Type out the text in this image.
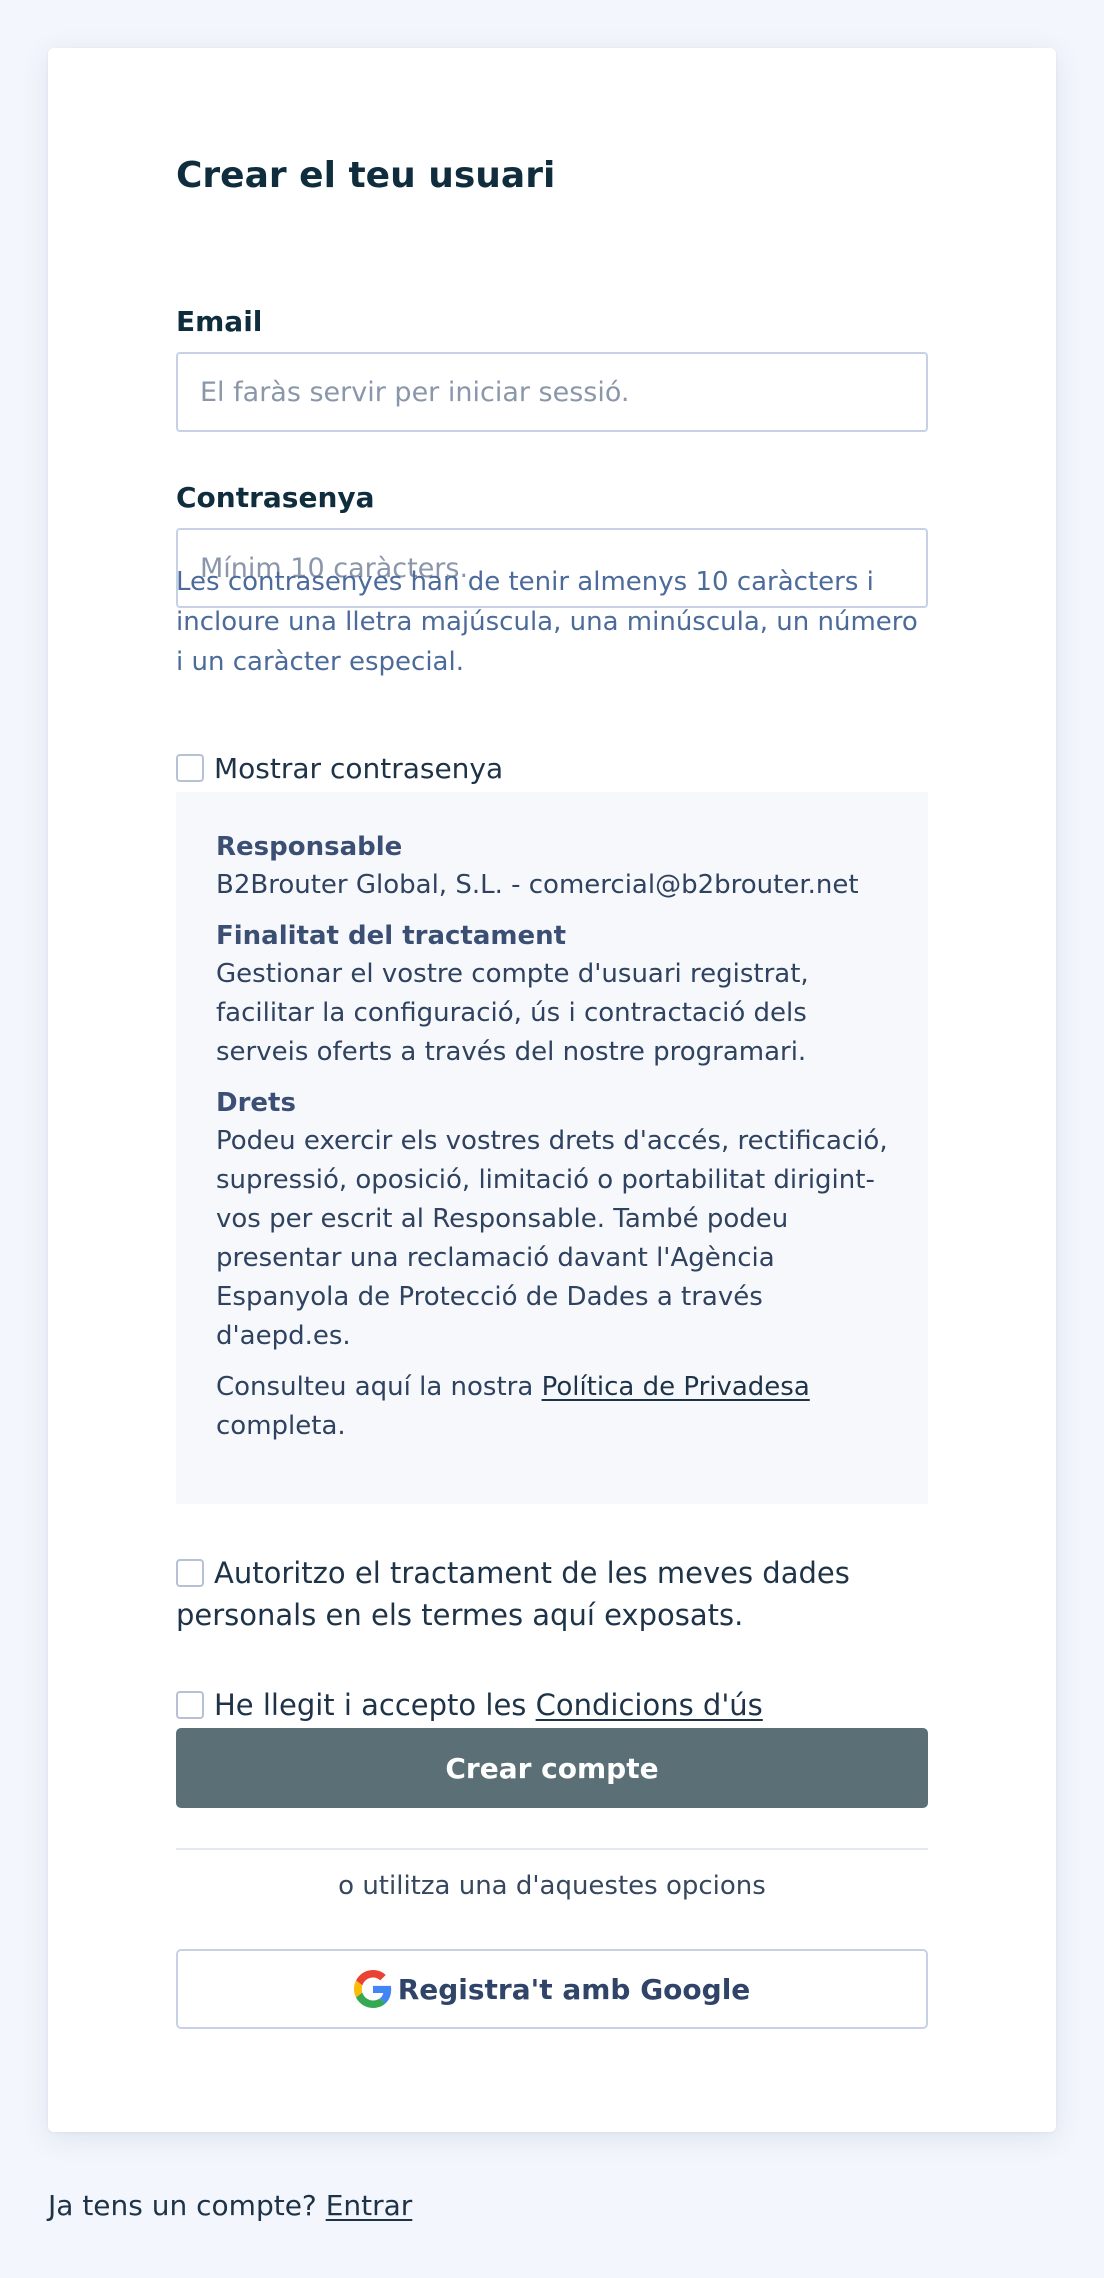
Crear el teu usuari
Email
El faràs servir per iniciar sessió.
Contrasenya

Les contrasenyes han de tenir almenys 10 caràcters i incloure una lletra majúscula, una minúscula, un número i un caràcter especial.

Mostrar contrasenya
Responsable
B2Brouter Global, S.L. - comercial@b2brouter.net
Finalitat del tractament
Gestionar el vostre compte d'usuari registrat, facilitar la configuració, ús i contractació dels serveis oferts a través del nostre programari.
Drets
Podeu exercir els vostres drets d'accés, rectificació, supressió, oposició, limitació o portabilitat dirigint-vos per escrit al Responsable. També podeu presentar una reclamació davant l'Agència Espanyola de Protecció de Dades a través d'aepd.es.
Consulteu aquí la nostra Política de Privadesa completa.
Autoritzo el tractament de les meves dades personals en els termes aquí exposats.
He llegit i accepto les Condicions d'ús
Crear compte
o utilitza una d'aquestes opcions
Registra't amb Google
Ja tens un compte? Entrar
